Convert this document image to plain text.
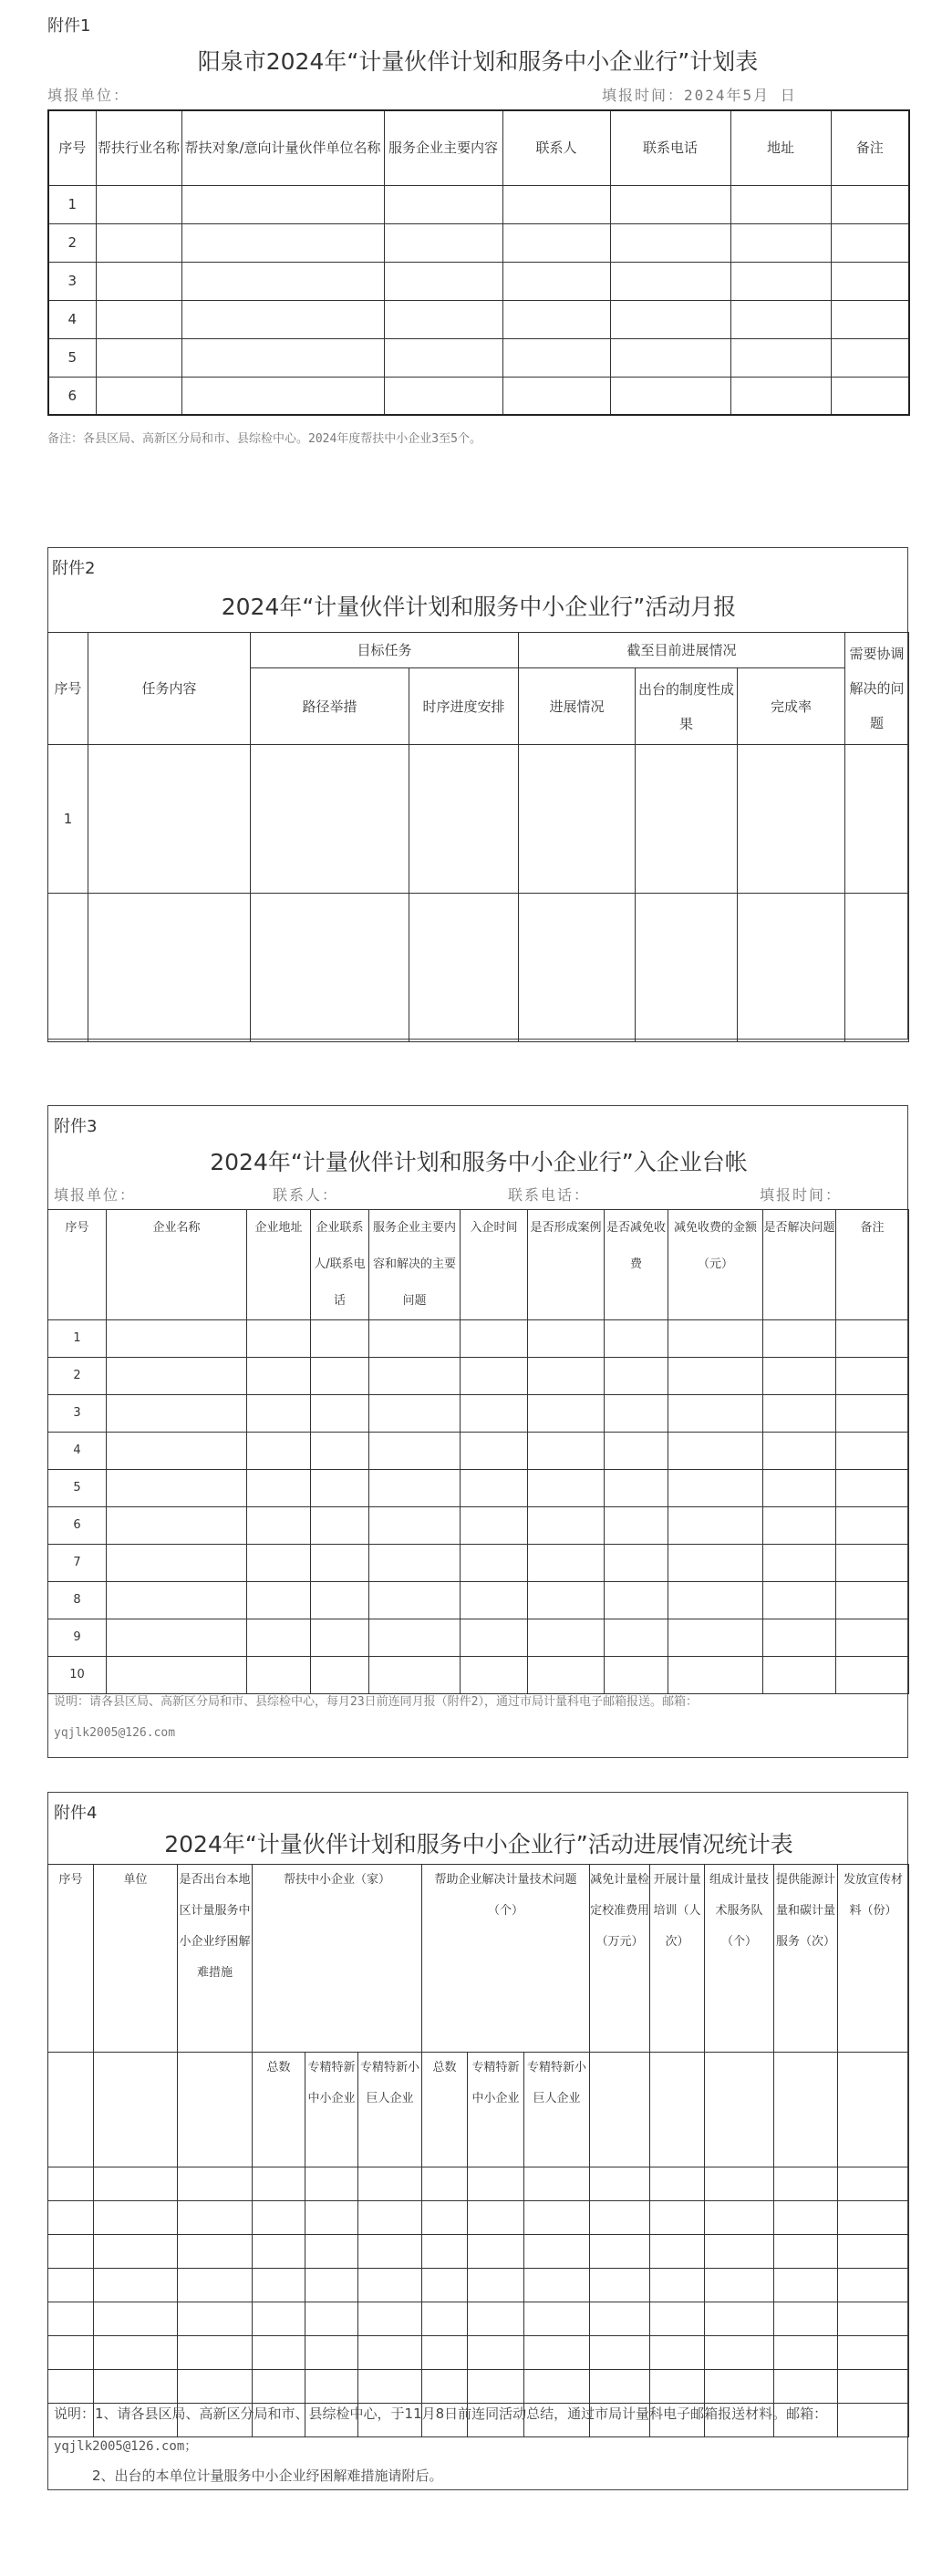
附件1
阳泉市2024年“计量伙伴计划和服务中小企业行”计划表
填报单位：	填报时间：2024年5月 日
序号	帮扶行业名称	帮扶对象/意向计量伙伴单位名称	服务企业主要内容	联系人	联系电话	地址	备注
1							
2							
3							
4							
5							
6							
备注：各县区局、高新区分局和市、县综检中心。2024年度帮扶中小企业3至5个。
附件2
2024年“计量伙伴计划和服务中小企业行”活动月报
序号	任务内容	目标任务		截至目前进展情况			需要协调解决的问题
		路径举措	时序进度安排	进展情况	出台的制度性成果	完成率	
1							

附件3
2024年“计量伙伴计划和服务中小企业行”入企业台帐
填报单位：	联系人：	联系电话：	填报时间：
序号	企业名称	企业地址	企业联系人/联系电话	服务企业主要内容和解决的主要问题	入企时间	是否形成案例	是否减免收费	减免收费的金额（元）	是否解决问题	备注
1										
2										
3										
4										
5										
6										
7										
8										
9										
10										
说明：请各县区局、高新区分局和市、县综检中心，每月23日前连同月报（附件2），通过市局计量科电子邮箱报送。邮箱：
yqjlk2005@126.com
附件4
2024年“计量伙伴计划和服务中小企业行”活动进展情况统计表
序号	单位	是否出台本地区计量服务中小企业纾困解难措施	帮扶中小企业（家）			帮助企业解决计量技术问题（个）			减免计量检定校准费用（万元）	开展计量培训（人次）	组成计量技术服务队（个）	提供能源计量和碳计量服务（次）	发放宣传材料（份）
			总数	专精特新中小企业	专精特新小巨人企业	总数	专精特新中小企业	专精特新小巨人企业					

说明：1、请各县区局、高新区分局和市、县综检中心，于11月8日前连同活动总结，通过市局计量科电子邮箱报送材料。邮箱：
yqjlk2005@126.com；
2、出台的本单位计量服务中小企业纾困解难措施请附后。
